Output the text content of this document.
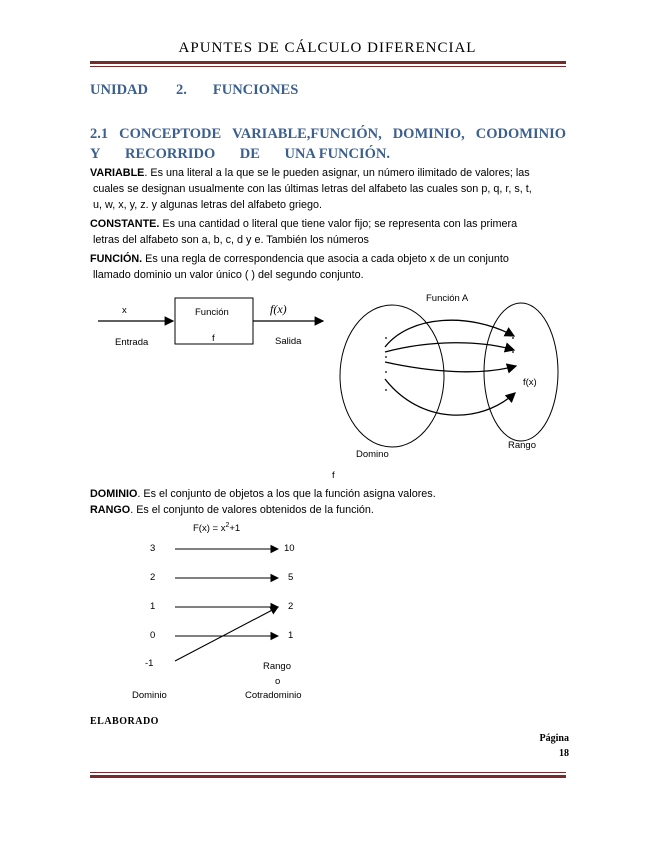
APUNTES DE CÁLCULO DIFERENCIAL
UNIDAD 2. FUNCIONES
2.1 CONCEPTODE VARIABLE,FUNCIÓN, DOMINIO, CODOMINIO
Y RECORRIDO DE UNA FUNCIÓN.
VARIABLE. Es una literal a la que se le pueden asignar, un número ilimitado de valores; las
cuales se designan usualmente con las últimas letras del alfabeto las cuales son p, q, r, s, t,
u, w, x, y, z. y algunas letras del alfabeto griego.
CONSTANTE. Es una cantidad o literal que tiene valor fijo; se representa con las primera
letras del alfabeto son a, b, c, d y e. También los números
FUNCIÓN. Es una regla de correspondencia que asocia a cada objeto x de un conjunto
llamado dominio un valor único ( ) del segundo conjunto.
x
Entrada
Función
f
f(x)
Salida
Función A
f(x)
Domino
Rango
f
DOMINIO. Es el conjunto de objetos a los que la función asigna valores.
RANGO. Es el conjunto de valores obtenidos de la función.
$F(x) = x^2+1$
3
2
1
0
-1
10
5
2
1
Dominio
Rango
o
Cotradominio
ELABORADO
Página
18
